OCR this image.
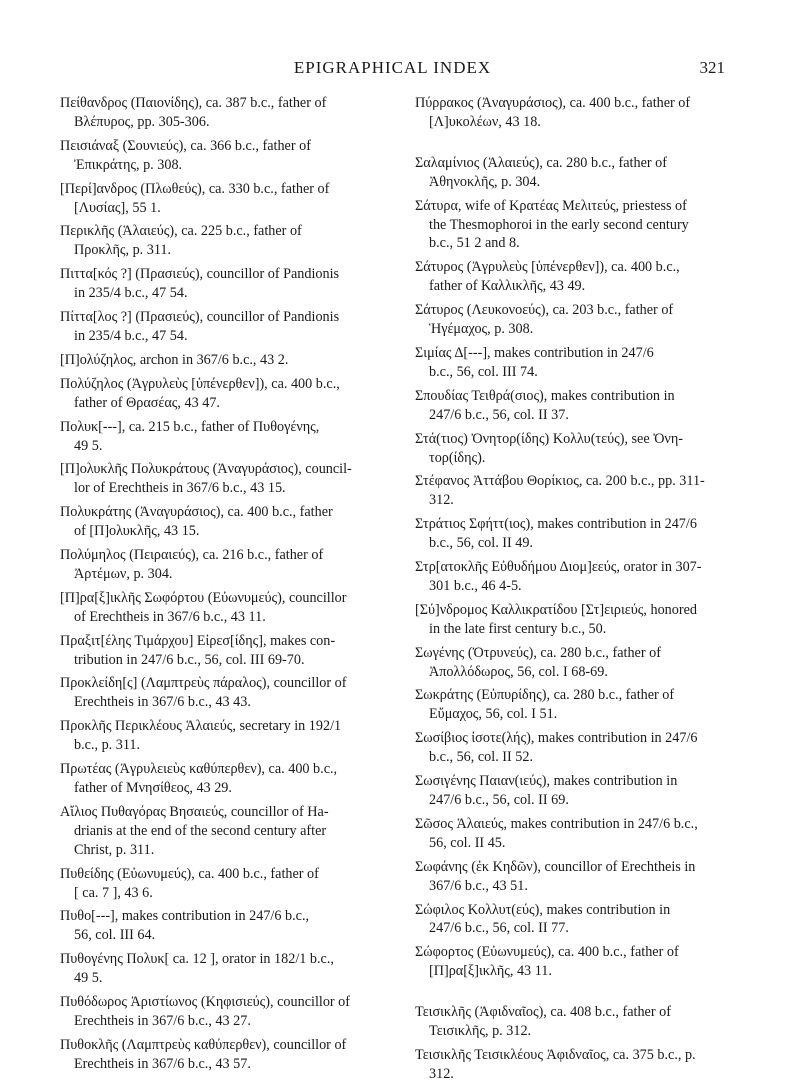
EPIGRAPHICAL INDEX	321

Πείθανδρος (Παιονίδης), ca. 387 b.c., father of
Βλέπυρος, pp. 305-306.

Πεισιάναξ (Σουνιεύς), ca. 366 b.c., father of
Ἐπικράτης, p. 308.

[Περί]ανδρος (Πλωθεύς), ca. 330 b.c., father of
[Λυσίας], 55 1.

Περικλῆς (Ἁλαιεύς), ca. 225 b.c., father of
Προκλῆς, p. 311.

Πιττα[κός ?] (Πρασιεύς), councillor of Pandionis
in 235/4 b.c., 47 54.

Πίττα[λος ?] (Πρασιεύς), councillor of Pandionis
in 235/4 b.c., 47 54.

[Π]ολύζηλος, archon in 367/6 b.c., 43 2.

Πολύζηλος (Ἀγρυλεὺς [ὑπένερθεν]), ca. 400 b.c.,
father of Θρασέας, 43 47.

Πολυκ[---], ca. 215 b.c., father of Πυθογένης,
49 5.

[Π]ολυκλῆς Πολυκράτους (Ἀναγυράσιος), council-
lor of Erechtheis in 367/6 b.c., 43 15.

Πολυκράτης (Ἀναγυράσιος), ca. 400 b.c., father
of [Π]ολυκλῆς, 43 15.

Πολύμηλος (Πειραιεύς), ca. 216 b.c., father of
Ἀρτέμων, p. 304.

[Π]ρα[ξ]ικλῆς Σωφόρτου (Εὐωνυμεύς), councillor
of Erechtheis in 367/6 b.c., 43 11.

Πραξιτ[έλης Τιμάρχου] Εἰρεσ[ίδης], makes con-
tribution in 247/6 b.c., 56, col. III 69-70.

Προκλείδη[ς] (Λαμπτρεὺς πάραλος), councillor of
Erechtheis in 367/6 b.c., 43 43.

Προκλῆς Περικλέους Ἁλαιεύς, secretary in 192/1
b.c., p. 311.

Πρωτέας (Ἀγρυλειεὺς καθύπερθεν), ca. 400 b.c.,
father of Μνησίθεος, 43 29.

Αἴλιος Πυθαγόρας Βησαιεύς, councillor of Ha-
drianis at the end of the second century after
Christ, p. 311.

Πυθείδης (Εὐωνυμεύς), ca. 400 b.c., father of
[ ca. 7 ], 43 6.

Πυθο[---], makes contribution in 247/6 b.c.,
56, col. III 64.

Πυθογένης Πολυκ[ ca. 12 ], orator in 182/1 b.c.,
49 5.

Πυθόδωρος Ἀριστίωνος (Κηφισιεύς), councillor of
Erechtheis in 367/6 b.c., 43 27.

Πυθοκλῆς (Λαμπτρεὺς καθύπερθεν), councillor of
Erechtheis in 367/6 b.c., 43 57.

Πύρρακος (Ἀναγυράσιος), ca. 400 b.c., father of
[Λ]υκολέων, 43 18.

Σαλαμίνιος (Ἁλαιεύς), ca. 280 b.c., father of
Ἀθηνοκλῆς, p. 304.

Σάτυρα, wife of Κρατέας Μελιτεύς, priestess of
the Thesmophoroi in the early second century
b.c., 51 2 and 8.

Σάτυρος (Ἀγρυλεὺς [ὑπένερθεν]), ca. 400 b.c.,
father of Καλλικλῆς, 43 49.

Σάτυρος (Λευκονοεύς), ca. 203 b.c., father of
Ἡγέμαχος, p. 308.

Σιμίας Δ[---], makes contribution in 247/6
b.c., 56, col. III 74.

Σπουδίας Τειθρά(σιος), makes contribution in
247/6 b.c., 56, col. II 37.

Στά(τιος) Ὀνητορ(ίδης) Κολλυ(τεύς), see Ὀνη-
τορ(ίδης).

Στέφανος Ἀττάβου Θορίκιος, ca. 200 b.c., pp. 311-
312.

Στράτιος Σφήττ(ιος), makes contribution in 247/6
b.c., 56, col. II 49.

Στρ[ατοκλῆς Εὐθυδήμου Διομ]εεύς, orator in 307-
301 b.c., 46 4-5.

[Σύ]νδρομος Καλλικρατίδου [Στ]ειριεύς, honored
in the late first century b.c., 50.

Σωγένης (Ὀτρυνεύς), ca. 280 b.c., father of
Ἀπολλόδωρος, 56, col. I 68-69.

Σωκράτης (Εὐπυρίδης), ca. 280 b.c., father of
Εὔμαχος, 56, col. I 51.

Σωσίβιος ἰσοτε(λής), makes contribution in 247/6
b.c., 56, col. II 52.

Σωσιγένης Παιαν(ιεύς), makes contribution in
247/6 b.c., 56, col. II 69.

Σῶσος Ἁλαιεύς, makes contribution in 247/6 b.c.,
56, col. II 45.

Σωφάνης (ἐκ Κηδῶν), councillor of Erechtheis in
367/6 b.c., 43 51.

Σώφιλος Κολλυτ(εύς), makes contribution in
247/6 b.c., 56, col. II 77.

Σώφορτος (Εὐωνυμεύς), ca. 400 b.c., father of
[Π]ρα[ξ]ικλῆς, 43 11.

Τεισικλῆς (Ἀφιδναῖος), ca. 408 b.c., father of
Τεισικλῆς, p. 312.

Τεισικλῆς Τεισικλέους Ἀφιδναῖος, ca. 375 b.c., p.
312.
